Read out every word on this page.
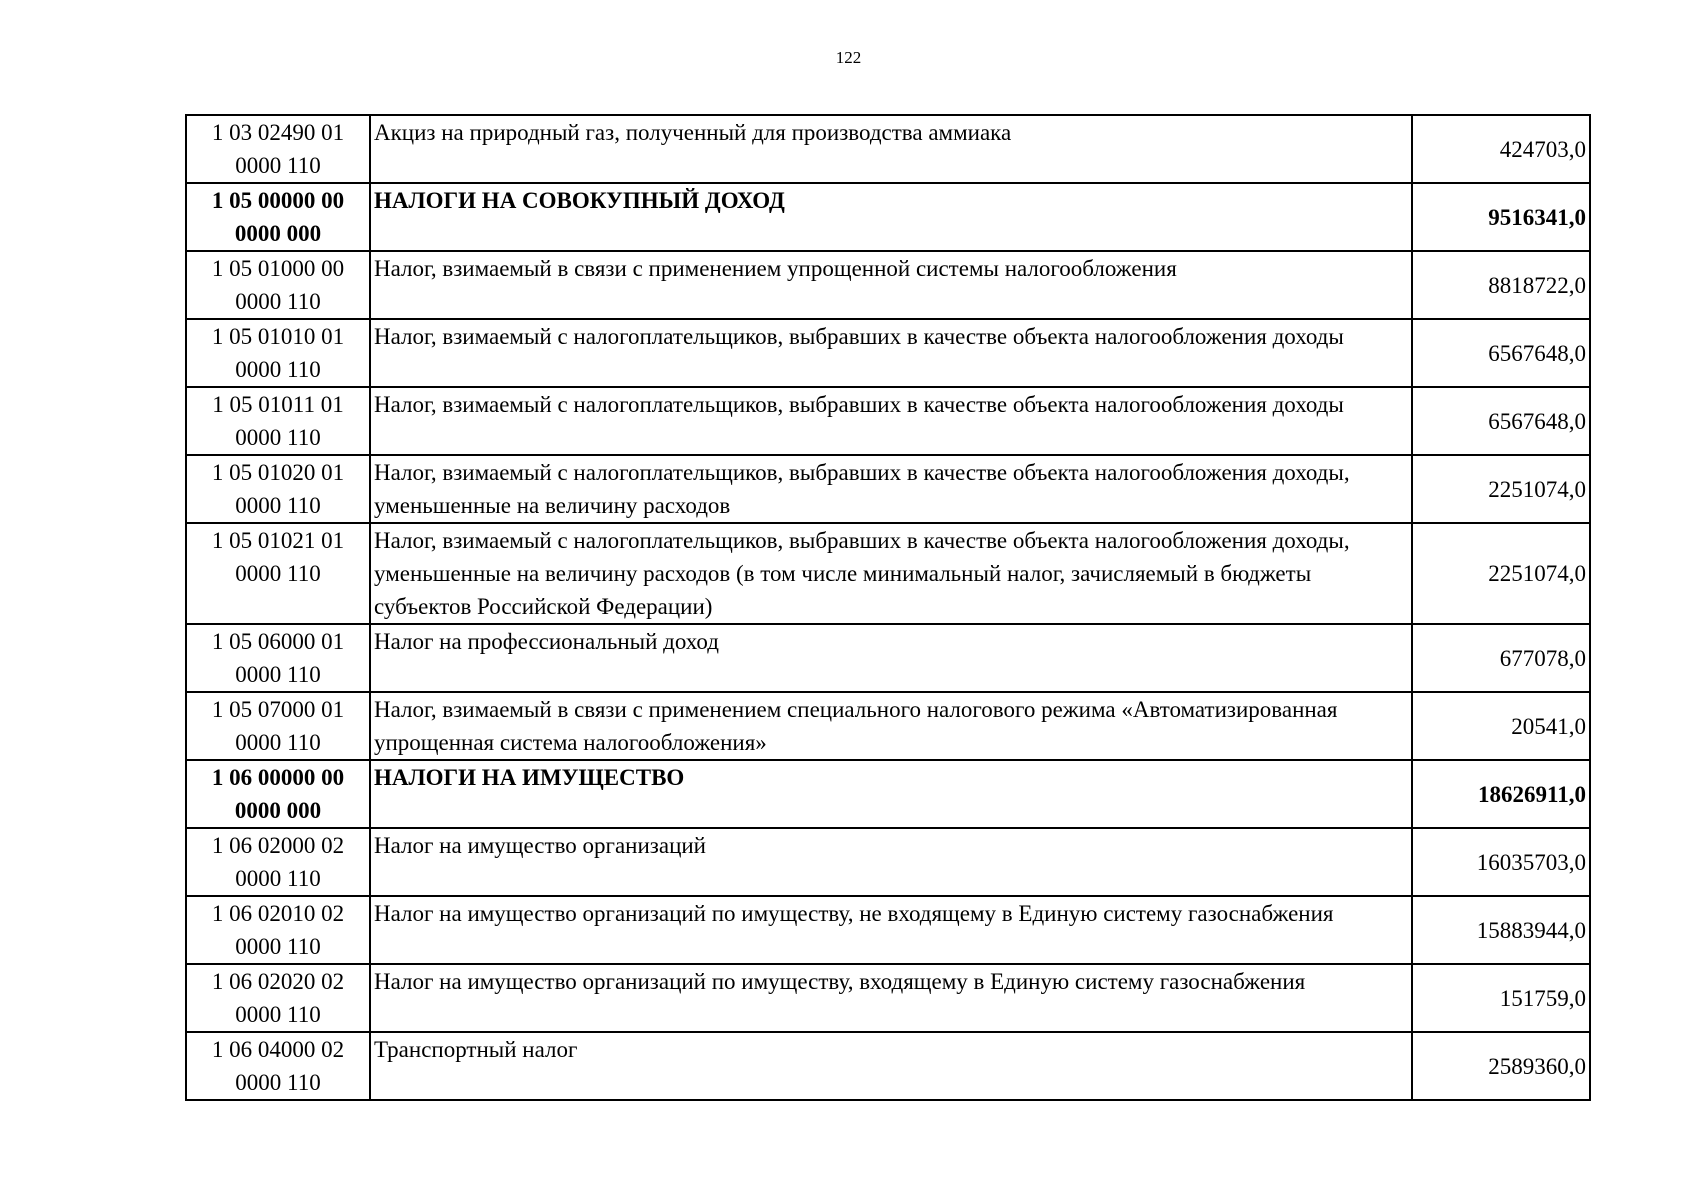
122
1 03 02490 01
0000 110	Акциз на природный газ, полученный для производства аммиака	424703,0

1 05 00000 00
0000 000	НАЛОГИ НА СОВОКУПНЫЙ ДОХОД	9516341,0

1 05 01000 00
0000 110	Налог, взимаемый в связи с применением упрощенной системы налогообложения	8818722,0

1 05 01010 01
0000 110	Налог, взимаемый с налогоплательщиков, выбравших в качестве объекта налогообложения доходы	6567648,0

1 05 01011 01
0000 110	Налог, взимаемый с налогоплательщиков, выбравших в качестве объекта налогообложения доходы	6567648,0

1 05 01020 01
0000 110	Налог, взимаемый с налогоплательщиков, выбравших в качестве объекта налогообложения доходы, уменьшенные на величину расходов	2251074,0

1 05 01021 01
0000 110	Налог, взимаемый с налогоплательщиков, выбравших в качестве объекта налогообложения доходы, уменьшенные на величину расходов (в том числе минимальный налог, зачисляемый в бюджеты субъектов Российской Федерации)	2251074,0

1 05 06000 01
0000 110	Налог на профессиональный доход	677078,0

1 05 07000 01
0000 110	Налог, взимаемый в связи с применением специального налогового режима «Автоматизированная упрощенная система налогообложения»	20541,0

1 06 00000 00
0000 000	НАЛОГИ НА ИМУЩЕСТВО	18626911,0

1 06 02000 02
0000 110	Налог на имущество организаций	16035703,0

1 06 02010 02
0000 110	Налог на имущество организаций по имуществу, не входящему в Единую систему газоснабжения	15883944,0

1 06 02020 02
0000 110	Налог на имущество организаций по имуществу, входящему в Единую систему газоснабжения	151759,0

1 06 04000 02
0000 110	Транспортный налог	2589360,0
